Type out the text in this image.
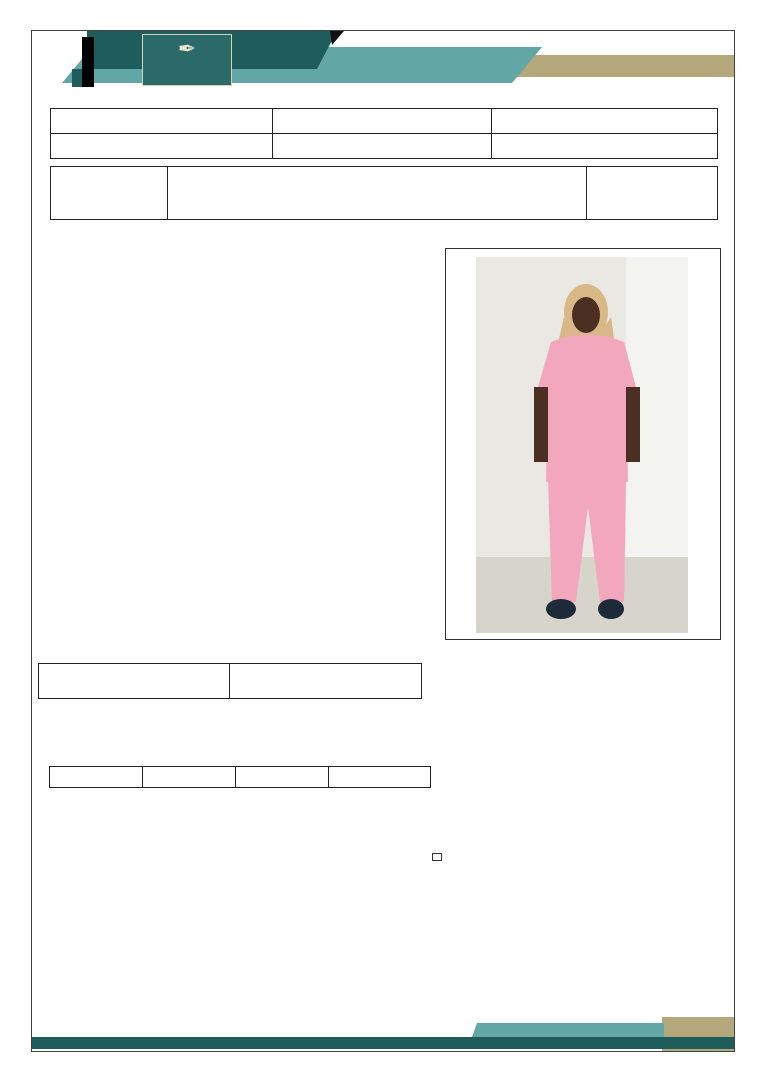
✒
